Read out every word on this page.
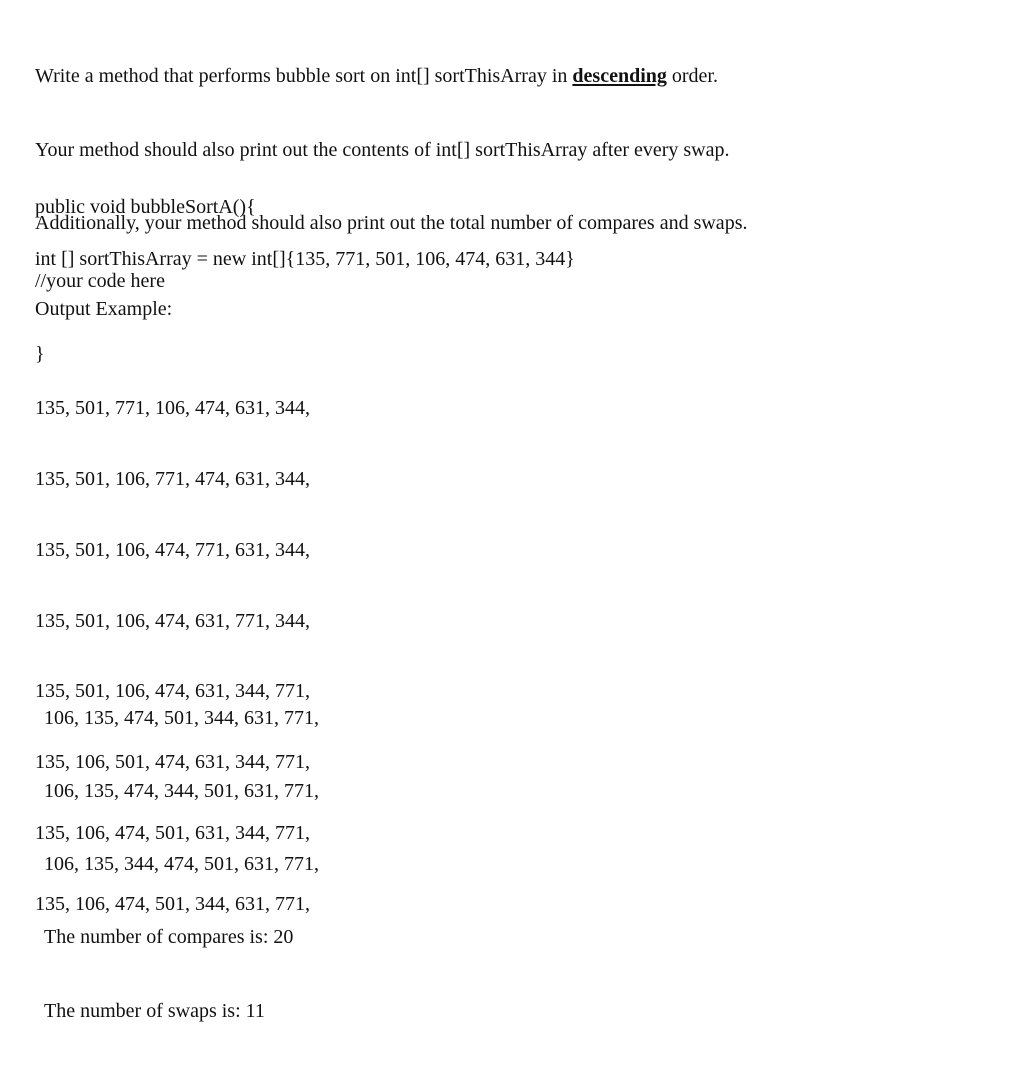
Write a method that performs bubble sort on int[] sortThisArray in descending order.

Your method should also print out the contents of int[] sortThisArray after every swap.

Additionally, your method should also print out the total number of compares and swaps.

public void bubbleSortA(){

//your code here

}

int [] sortThisArray = new int[]{135, 771, 501, 106, 474, 631, 344}
Output Example:

135, 501, 771, 106, 474, 631, 344,

135, 501, 106, 771, 474, 631, 344,

135, 501, 106, 474, 771, 631, 344,

135, 501, 106, 474, 631, 771, 344,

135, 501, 106, 474, 631, 344, 771,

135, 106, 501, 474, 631, 344, 771,

135, 106, 474, 501, 631, 344, 771,

135, 106, 474, 501, 344, 631, 771,

106, 135, 474, 501, 344, 631, 771,

106, 135, 474, 344, 501, 631, 771,

106, 135, 344, 474, 501, 631, 771,

The number of compares is: 20

The number of swaps is: 11
